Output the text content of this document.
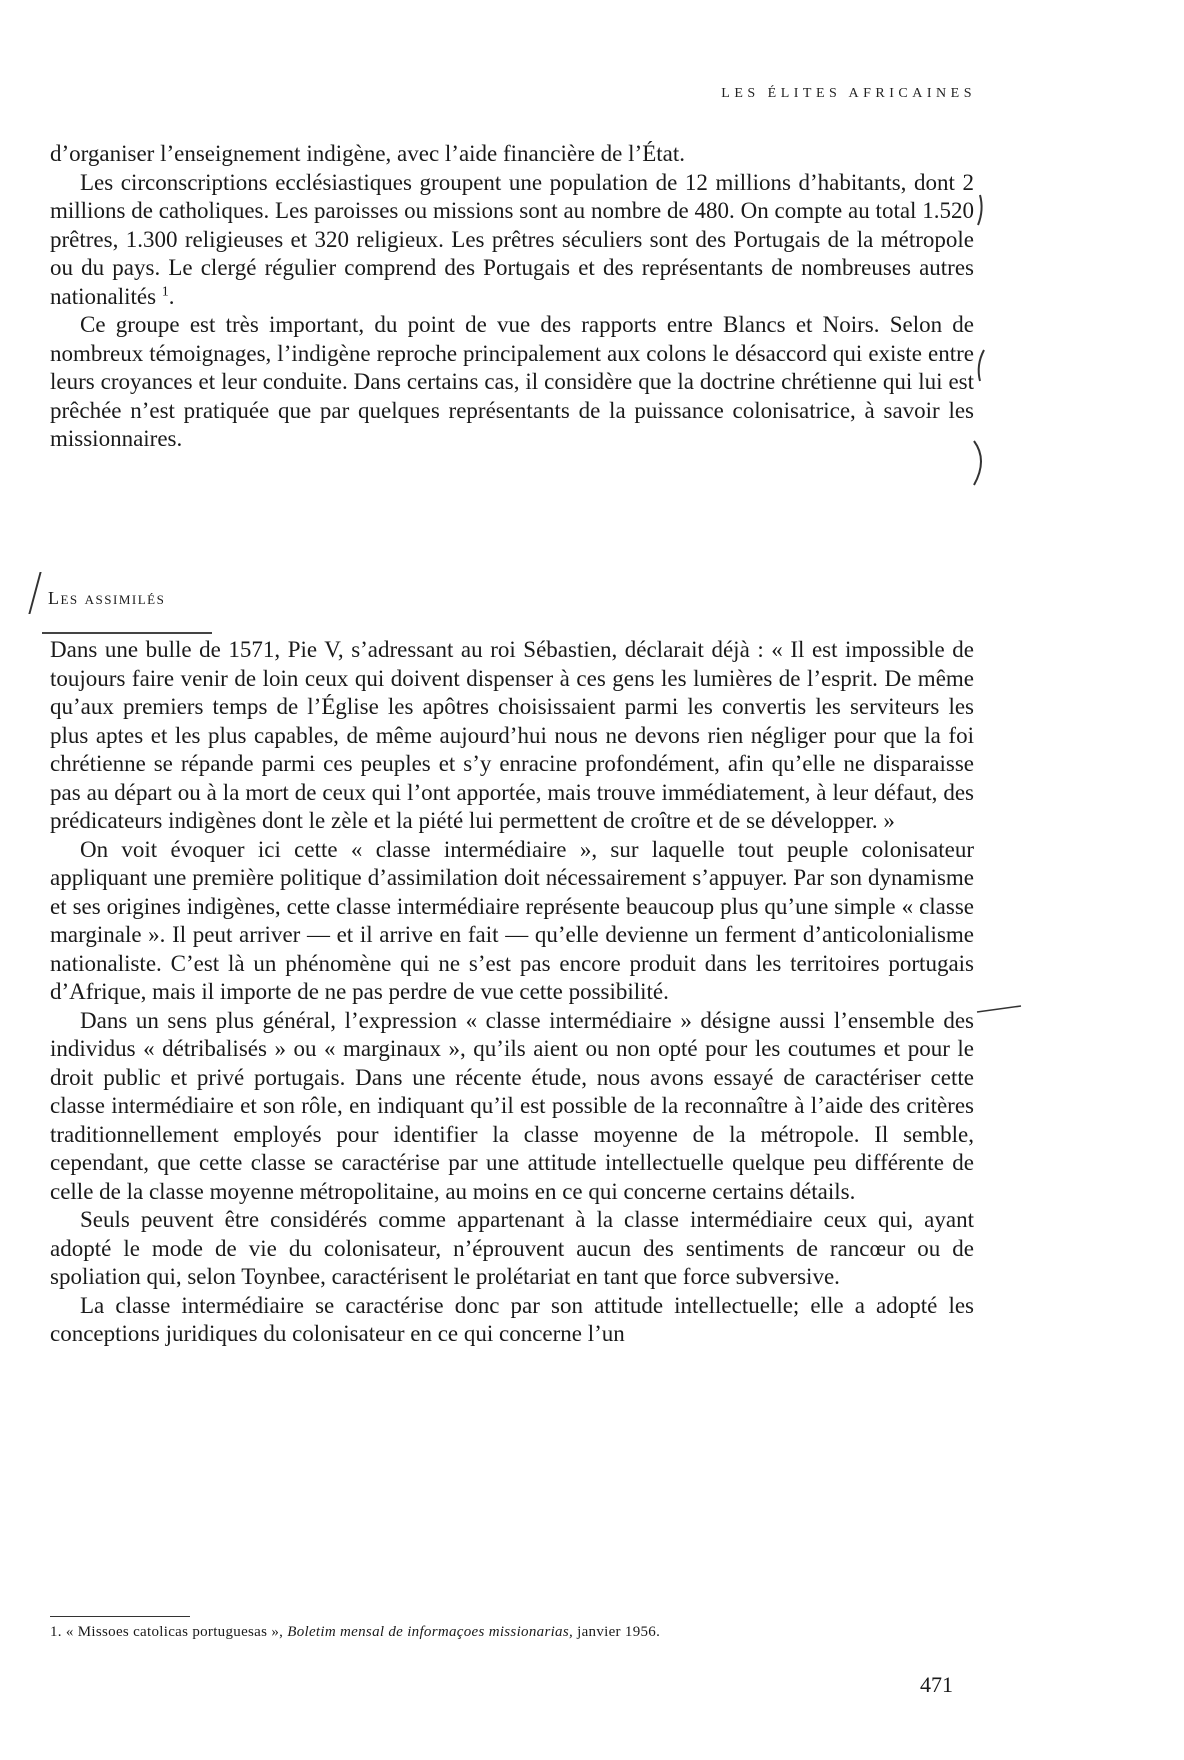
LES ÉLITES AFRICAINES

d’organiser l’enseignement indigène, avec l’aide financière de l’État.

Les circonscriptions ecclésiastiques groupent une population de 12 millions d’habitants, dont 2 millions de catholiques. Les paroisses ou missions sont au nombre de 480. On compte au total 1.520 prêtres, 1.300 religieuses et 320 religieux. Les prêtres séculiers sont des Portugais de la métropole ou du pays. Le clergé régulier comprend des Portugais et des représentants de nombreuses autres nationalités $^1$.

Ce groupe est très important, du point de vue des rapports entre Blancs et Noirs. Selon de nombreux témoignages, l’indigène reproche principalement aux colons le désaccord qui existe entre leurs croyances et leur conduite. Dans certains cas, il considère que la doctrine chrétienne qui lui est prêchée n’est pratiquée que par quelques représentants de la puissance colonisatrice, à savoir les missionnaires.

Les assimilés

Dans une bulle de 1571, Pie V, s’adressant au roi Sébastien, déclarait déjà : « Il est impossible de toujours faire venir de loin ceux qui doivent dispenser à ces gens les lumières de l’esprit. De même qu’aux premiers temps de l’Église les apôtres choisissaient parmi les convertis les serviteurs les plus aptes et les plus capables, de même aujourd’hui nous ne devons rien négliger pour que la foi chrétienne se répande parmi ces peuples et s’y enracine profondément, afin qu’elle ne disparaisse pas au départ ou à la mort de ceux qui l’ont apportée, mais trouve immédiatement, à leur défaut, des prédicateurs indigènes dont le zèle et la piété lui permettent de croître et de se développer. »

On voit évoquer ici cette « classe intermédiaire », sur laquelle tout peuple colonisateur appliquant une première politique d’assimilation doit nécessairement s’appuyer. Par son dynamisme et ses origines indigènes, cette classe intermédiaire représente beaucoup plus qu’une simple « classe marginale ». Il peut arriver — et il arrive en fait — qu’elle devienne un ferment d’anticolonialisme nationaliste. C’est là un phénomène qui ne s’est pas encore produit dans les territoires portugais d’Afrique, mais il importe de ne pas perdre de vue cette possibilité.

Dans un sens plus général, l’expression « classe intermédiaire » désigne aussi l’ensemble des individus « détribalisés » ou « marginaux », qu’ils aient ou non opté pour les coutumes et pour le droit public et privé portugais. Dans une récente étude, nous avons essayé de caractériser cette classe intermédiaire et son rôle, en indiquant qu’il est possible de la reconnaître à l’aide des critères traditionnellement employés pour identifier la classe moyenne de la métropole. Il semble, cependant, que cette classe se caractérise par une attitude intellectuelle quelque peu différente de celle de la classe moyenne métropolitaine, au moins en ce qui concerne certains détails.

Seuls peuvent être considérés comme appartenant à la classe intermédiaire ceux qui, ayant adopté le mode de vie du colonisateur, n’éprouvent aucun des sentiments de rancœur ou de spoliation qui, selon Toynbee, caractérisent le prolétariat en tant que force subversive.

La classe intermédiaire se caractérise donc par son attitude intellectuelle; elle a adopté les conceptions juridiques du colonisateur en ce qui concerne l’un

1. « Missoes catolicas portuguesas », Boletim mensal de informaçoes missionarias, janvier 1956.
471
